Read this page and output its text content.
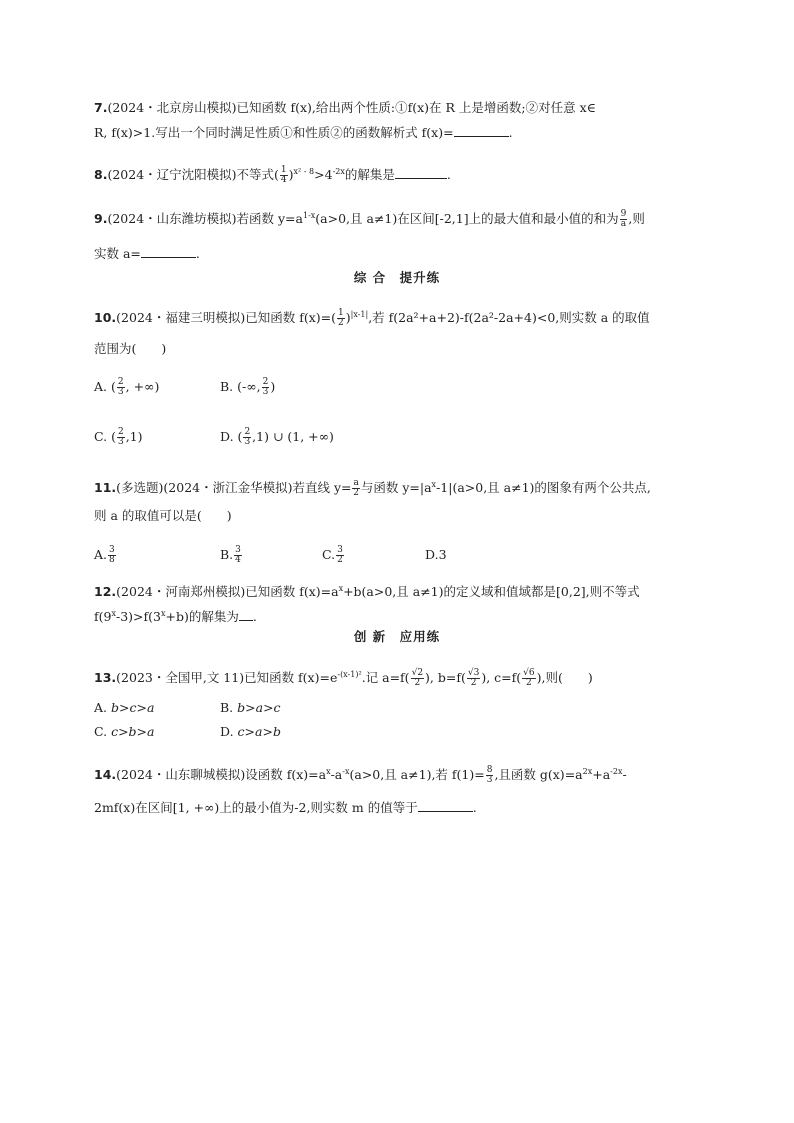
7.(2024・北京房山模拟)已知函数 f(x),给出两个性质:①f(x)在 R 上是增函数;②对任意 x∈
R, f(x)>1.写出一个同时满足性质①和性质②的函数解析式 f(x)=	.
8.(2024・辽宁沈阳模拟)不等式( $\frac{1}{4} )^{x^2 - 8}>4^{-2x}$的解集是	.
9.(2024・山东潍坊模拟)若函数 $y=a^{1-x}(a>0$,且 a≠1)在区间[-2,1]上的最大值和最小值的和为 $\frac{9}{a}$ ,则
实数 a=	.
综 合　提升练
10.(2024・福建三明模拟)已知函数 $f(x)=( \frac{1}{2} )^{|x-1|}$,若 f(2a²+a+2)-f(2a²-2a+4)<0,则实数 a 的取值
范围为(　　)
A. ( $\frac{2}{3}$ , +∞)	B. (-∞, $\frac{2}{3}$ )
C. ( $\frac{2}{3} ,1$)	D. ( $\frac{2}{3} ,1$) ∪ (1, +∞)
11.(多选题)(2024・浙江金华模拟)若直线 $y= \frac{a}{2}$ 与函数 $y=|a^x-1|(a>0$,且 a≠1)的图象有两个公共点,
则 a 的取值可以是(　　)
A. $\frac{3}{8}$	B. $\frac{3}{4}$	C. $\frac{3}{2}$	D.3
12.(2024・河南郑州模拟)已知函数 $f(x)=a^x+b(a>0$,且 a≠1)的定义域和值域都是[0,2],则不等式
$f(9^x-3)>f(3^x+b)$的解集为 .
创 新　应用练
13.(2023・全国甲,文 11)已知函数 $f(x)=e^{-(x-1)^2}$.记 $a=f( \frac{√2}{2}$ ), $b=f( \frac{√3}{2}$ ), $c=f( \frac{√6}{2}$ ),则(　　)
A. b>c>a	B. b>a>c
C. c>b>a	D. c>a>b
14.(2024・山东聊城模拟)设函数 $f(x)=a^x-a^{-x}(a>0$,且 a≠1),若 $f(1)= \frac{8}{3}$ ,且函数 $g(x)=a^{2x}+a^{-2x}-$
2mf(x)在区间[1, +∞)上的最小值为-2,则实数 m 的值等于	.
